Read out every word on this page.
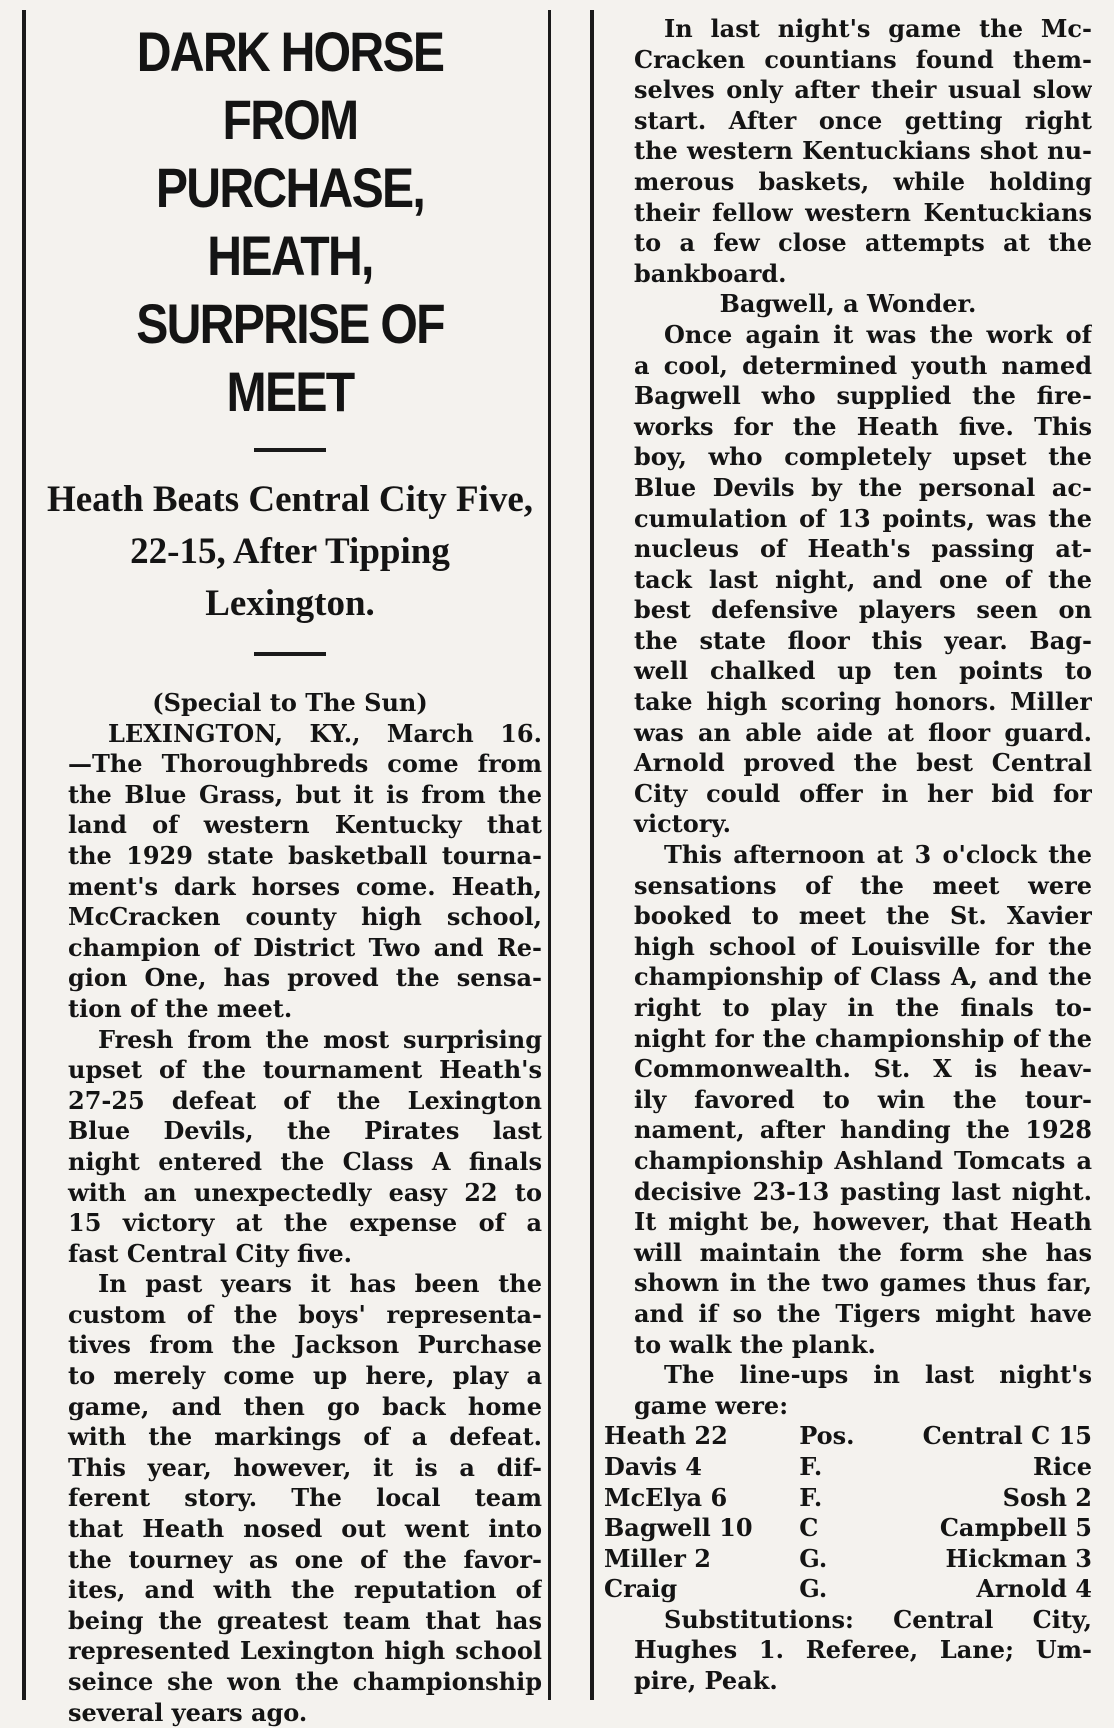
DARK HORSE FROM
PURCHASE, HEATH,
SURPRISE OF MEET
Heath Beats Central City Five,
22-15, After Tipping
Lexington.
(Special to The Sun)
LEXINGTON, KY., March 16.
—The Thoroughbreds come from
the Blue Grass, but it is from the
land of western Kentucky that
the 1929 state basketball tourna-
ment's dark horses come. Heath,
McCracken county high school,
champion of District Two and Re-
gion One, has proved the sensa-
tion of the meet.
Fresh from the most surprising
upset of the tournament Heath's
27-25 defeat of the Lexington
Blue Devils, the Pirates last
night entered the Class A finals
with an unexpectedly easy 22 to
15 victory at the expense of a
fast Central City five.
In past years it has been the
custom of the boys' representa-
tives from the Jackson Purchase
to merely come up here, play a
game, and then go back home
with the markings of a defeat.
This year, however, it is a dif-
ferent story. The local team
that Heath nosed out went into
the tourney as one of the favor-
ites, and with the reputation of
being the greatest team that has
represented Lexington high school
seince she won the championship
several years ago.
In last night's game the Mc-
Cracken countians found them-
selves only after their usual slow
start. After once getting right
the western Kentuckians shot nu-
merous baskets, while holding
their fellow western Kentuckians
to a few close attempts at the
bankboard.
Bagwell, a Wonder.
Once again it was the work of
a cool, determined youth named
Bagwell who supplied the fire-
works for the Heath five. This
boy, who completely upset the
Blue Devils by the personal ac-
cumulation of 13 points, was the
nucleus of Heath's passing at-
tack last night, and one of the
best defensive players seen on
the state floor this year. Bag-
well chalked up ten points to
take high scoring honors. Miller
was an able aide at floor guard.
Arnold proved the best Central
City could offer in her bid for
victory.
This afternoon at 3 o'clock the
sensations of the meet were
booked to meet the St. Xavier
high school of Louisville for the
championship of Class A, and the
right to play in the finals to-
night for the championship of the
Commonwealth. St. X is heav-
ily favored to win the tour-
nament, after handing the 1928
championship Ashland Tomcats a
decisive 23-13 pasting last night.
It might be, however, that Heath
will maintain the form she has
shown in the two games thus far,
and if so the Tigers might have
to walk the plank.
The line-ups in last night's
game were:
Heath 22	Pos.	Central C 15
Davis 4	F.	Rice
McElya 6	F.	Sosh 2
Bagwell 10	C	Campbell 5
Miller 2	G.	Hickman 3
Craig	G.	Arnold 4
Substitutions: Central City,
Hughes 1. Referee, Lane; Um-
pire, Peak.
